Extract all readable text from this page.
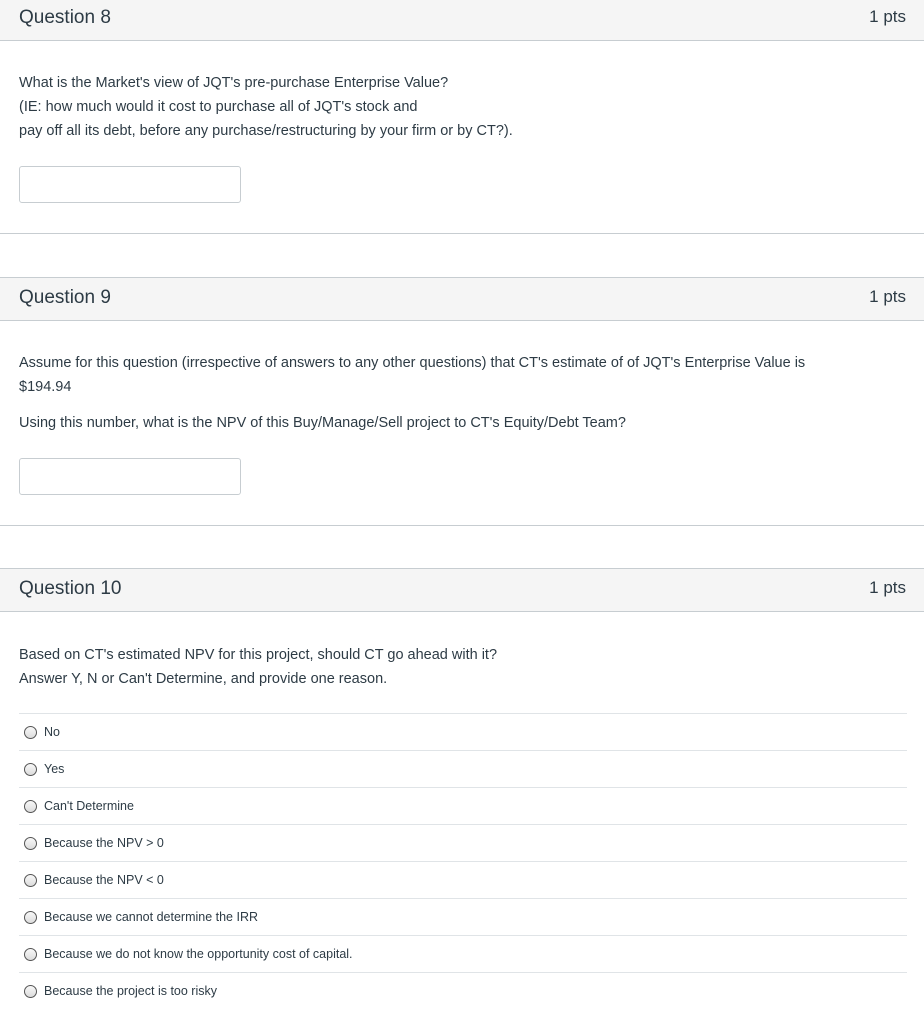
Question 8	1 pts
What is the Market's view of JQT's pre-purchase Enterprise Value?
(IE: how much would it cost to purchase all of JQT's stock and
pay off all its debt, before any purchase/restructuring by your firm or by CT?).
Question 9	1 pts
Assume for this question (irrespective of answers to any other questions) that CT's estimate of of JQT's Enterprise Value is
$194.94
Using this number, what is the NPV of this Buy/Manage/Sell project to CT's Equity/Debt Team?
Question 10	1 pts
Based on CT's estimated NPV for this project, should CT go ahead with it?
Answer Y, N or Can't Determine, and provide one reason.
No
Yes
Can't Determine
Because the NPV > 0
Because the NPV < 0
Because we cannot determine the IRR
Because we do not know the opportunity cost of capital.
Because the project is too risky
